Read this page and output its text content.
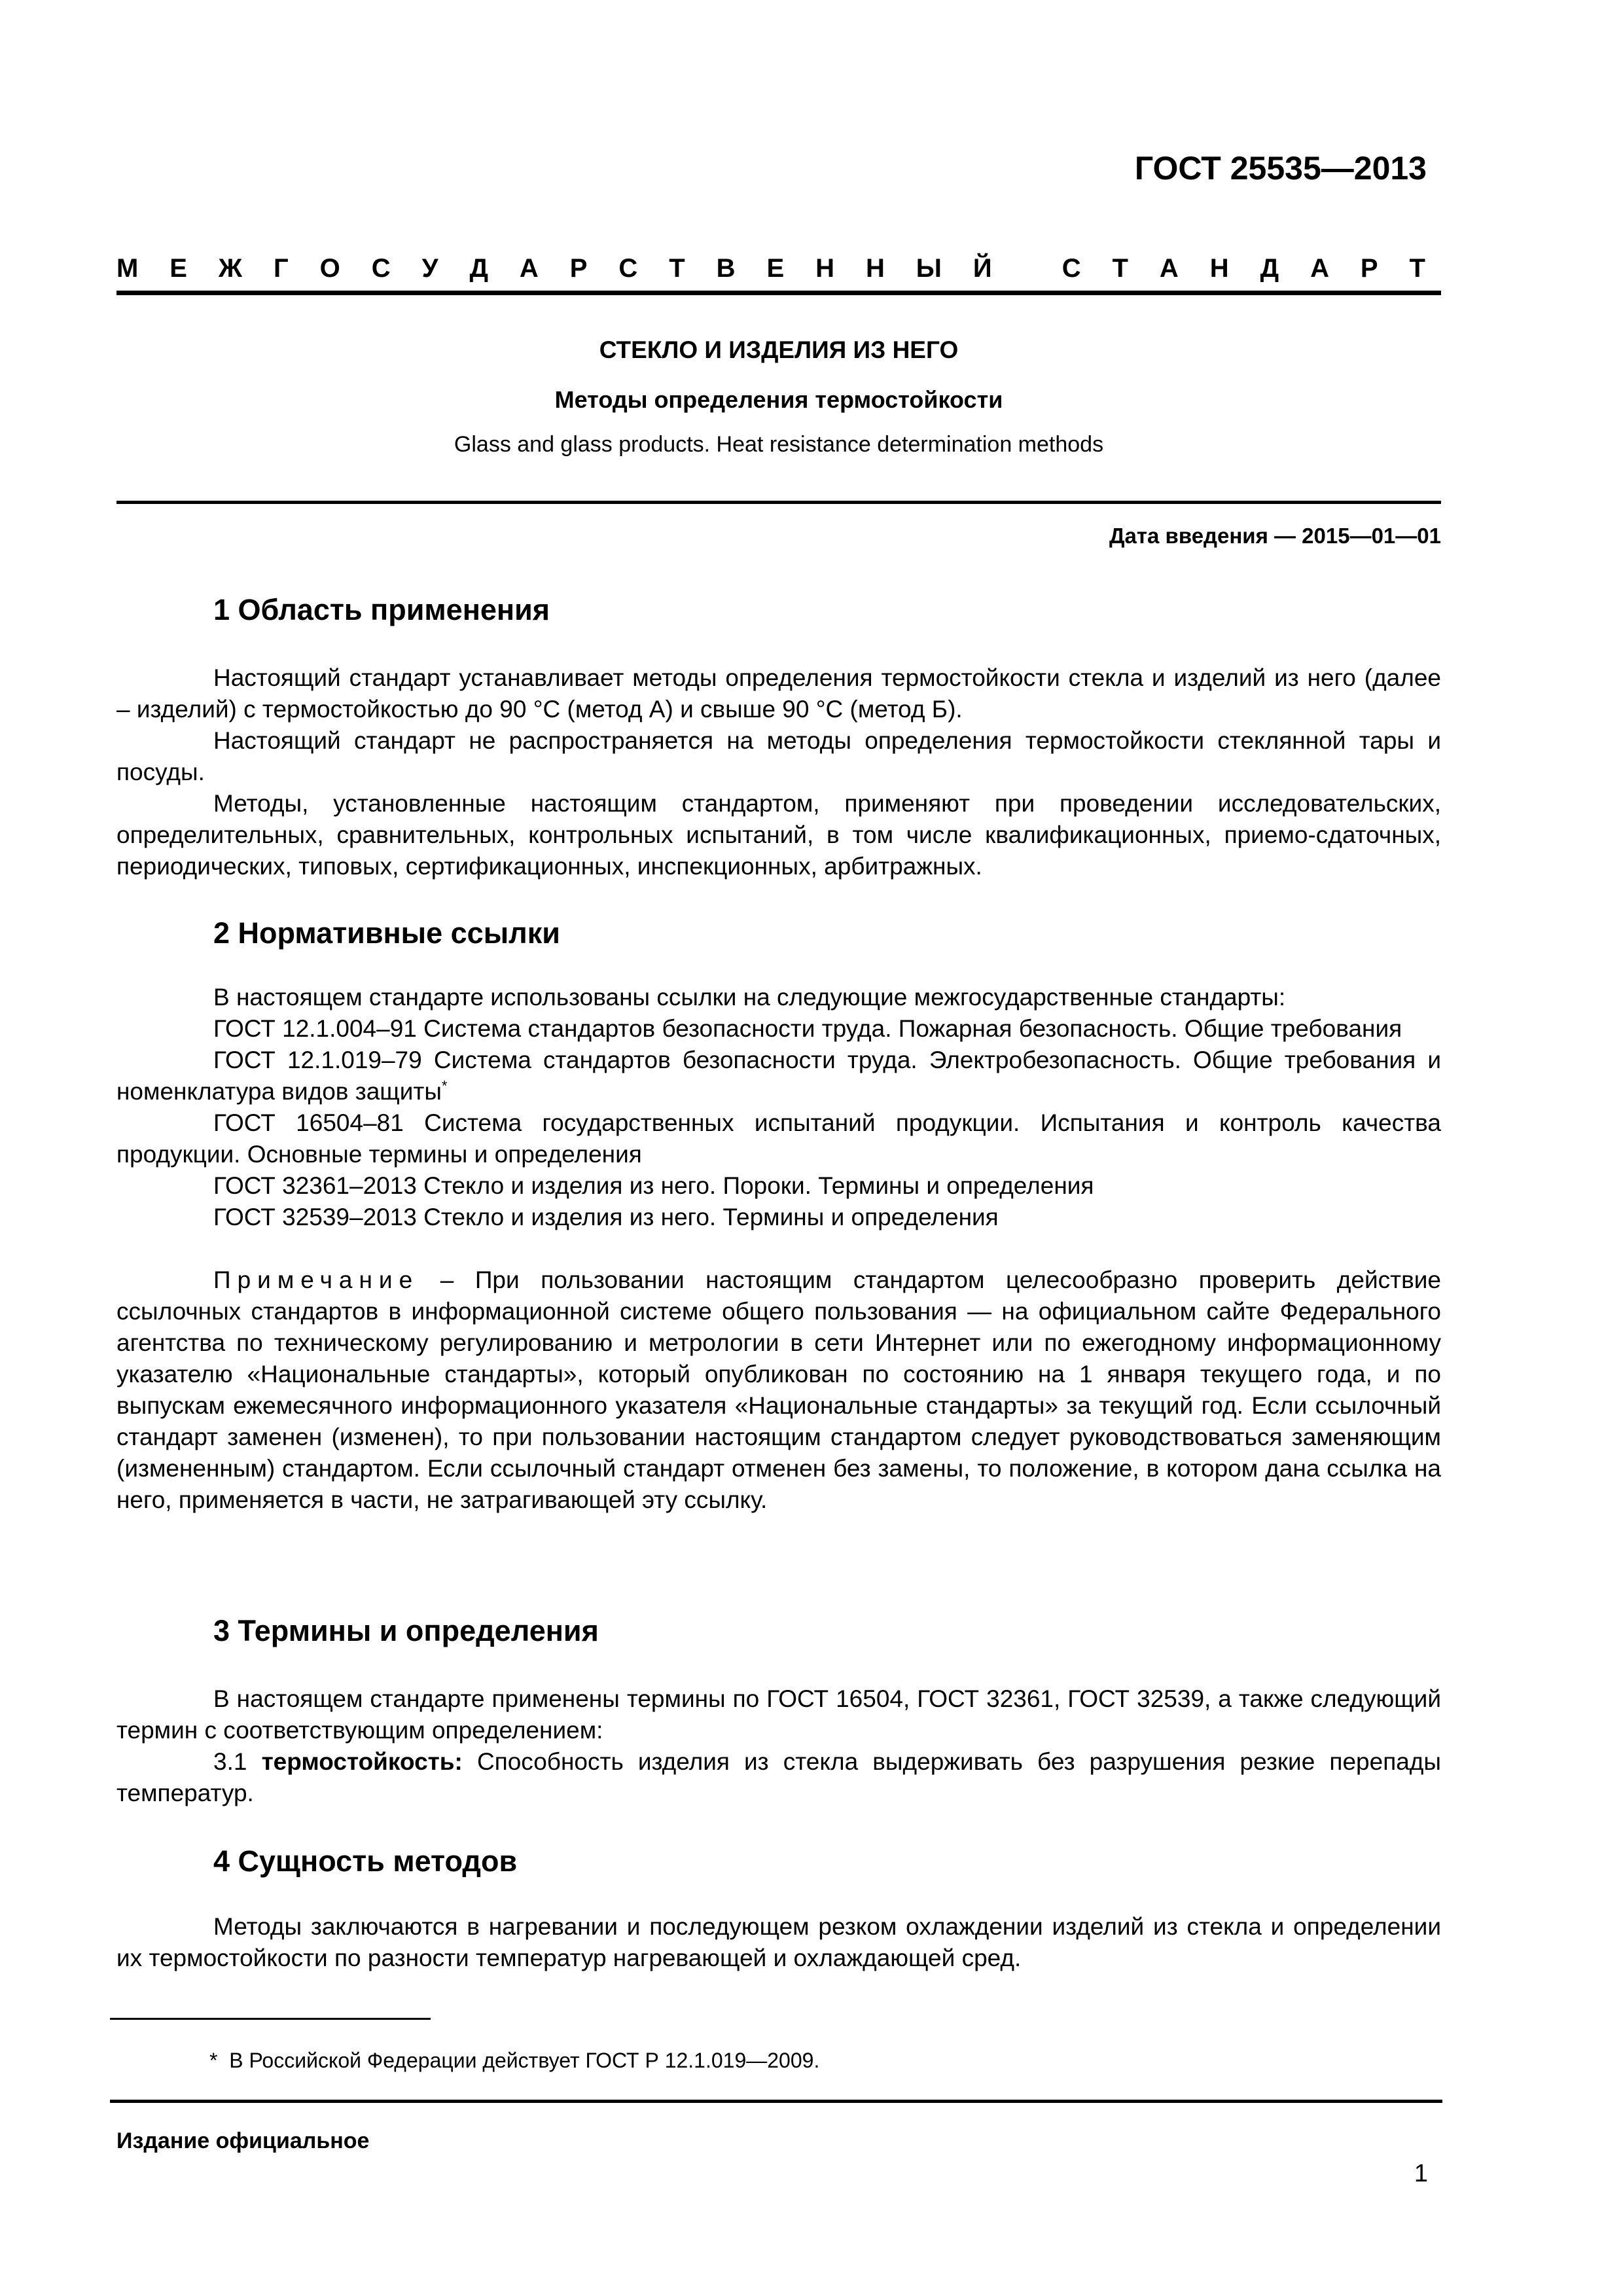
ГОСТ 25535—2013
М Е Ж Г О С У Д А Р С Т В Е Н Н Ы Й
	С Т А Н Д А Р Т
СТЕКЛО И ИЗДЕЛИЯ ИЗ НЕГО
Методы определения термостойкости
Glass and glass products. Heat resistance determination methods
Дата введения — 2015—01—01
1 Область применения

Настоящий стандарт устанавливает методы определения термостойкости стекла и изделий из него (далее – изделий) с термостойкостью до 90 °С (метод А) и свыше 90 °С (метод Б).

Настоящий стандарт не распространяется на методы определения термостойкости стеклянной тары и посуды.

Методы, установленные настоящим стандартом, применяют при проведении исследовательских, определительных, сравнительных, контрольных испытаний, в том числе квалификационных, приемо-сдаточных, периодических, типовых, сертификационных, инспекционных, арбитражных.

2 Нормативные ссылки

В настоящем стандарте использованы ссылки на следующие межгосударственные стандарты:

ГОСТ 12.1.004–91 Система стандартов безопасности труда. Пожарная безопасность. Общие требования

ГОСТ 12.1.019–79 Система стандартов безопасности труда. Электробезопасность. Общие требования и номенклатура видов защиты*

ГОСТ 16504–81 Система государственных испытаний продукции. Испытания и контроль качества продукции. Основные термины и определения

ГОСТ 32361–2013 Стекло и изделия из него. Пороки. Термины и определения

ГОСТ 32539–2013 Стекло и изделия из него. Термины и определения

Примечание – При пользовании настоящим стандартом целесообразно проверить действие ссылочных стандартов в информационной системе общего пользования — на официальном сайте Федерального агентства по техническому регулированию и метрологии в сети Интернет или по ежегодному информационному указателю «Национальные стандарты», который опубликован по состоянию на 1 января текущего года, и по выпускам ежемесячного информационного указателя «Национальные стандарты» за текущий год. Если ссылочный стандарт заменен (изменен), то при пользовании настоящим стандартом следует руководствоваться заменяющим (измененным) стандартом. Если ссылочный стандарт отменен без замены, то положение, в котором дана ссылка на него, применяется в части, не затрагивающей эту ссылку.

3 Термины и определения

В настоящем стандарте применены термины по ГОСТ 16504, ГОСТ 32361, ГОСТ 32539, а также следующий термин с соответствующим определением:

3.1 термостойкость: Способность изделия из стекла выдерживать без разрушения резкие перепады температур.

4 Сущность методов

Методы заключаются в нагревании и последующем резком охлаждении изделий из стекла и определении их термостойкости по разности температур нагревающей и охлаждающей сред.

* В Российской Федерации действует ГОСТ Р 12.1.019—2009.
Издание официальное
1
